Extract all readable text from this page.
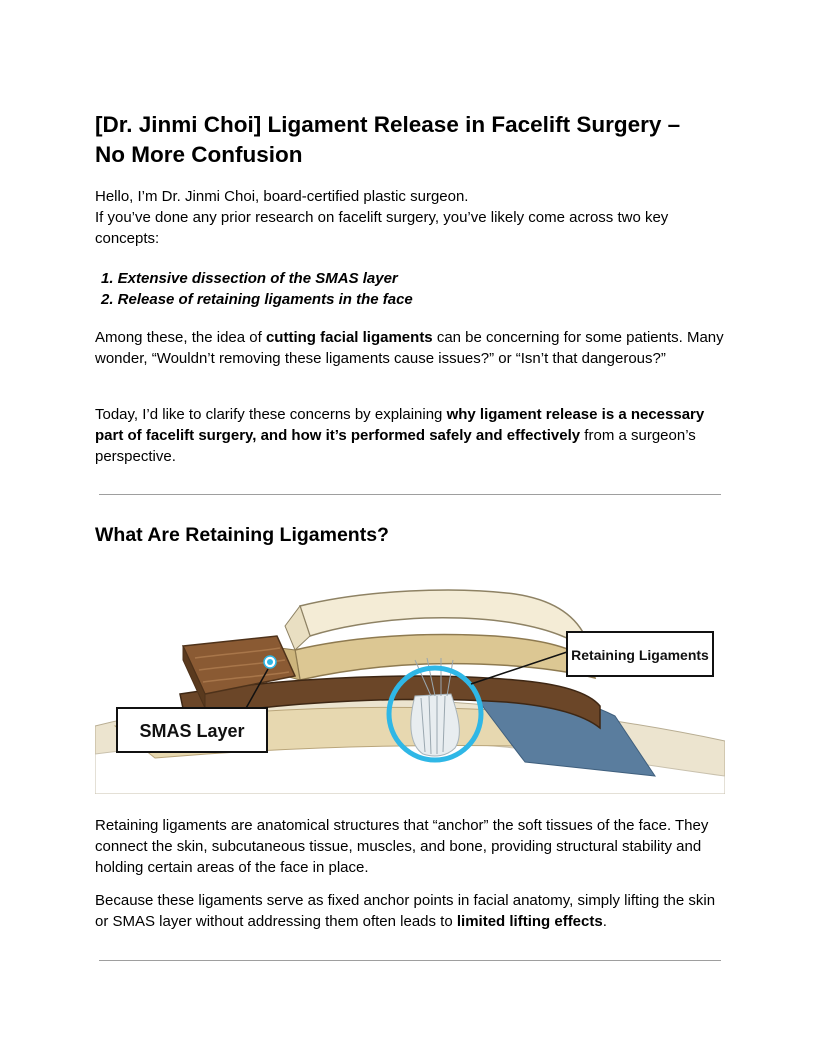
[Dr. Jinmi Choi] Ligament Release in Facelift Surgery – No More Confusion

Hello, I’m Dr. Jinmi Choi, board-certified plastic surgeon.
If you’ve done any prior research on facelift surgery, you’ve likely come across two key concepts:

1. Extensive dissection of the SMAS layer
2. Release of retaining ligaments in the face

Among these, the idea of cutting facial ligaments can be concerning for some patients. Many wonder, “Wouldn’t removing these ligaments cause issues?” or “Isn’t that dangerous?”

Today, I’d like to clarify these concerns by explaining why ligament release is a necessary part of facelift surgery, and how it’s performed safely and effectively from a surgeon’s perspective.

What Are Retaining Ligaments?
Retaining Ligaments
SMAS Layer

Retaining ligaments are anatomical structures that “anchor” the soft tissues of the face. They connect the skin, subcutaneous tissue, muscles, and bone, providing structural stability and holding certain areas of the face in place.

Because these ligaments serve as fixed anchor points in facial anatomy, simply lifting the skin or SMAS layer without addressing them often leads to limited lifting effects.
